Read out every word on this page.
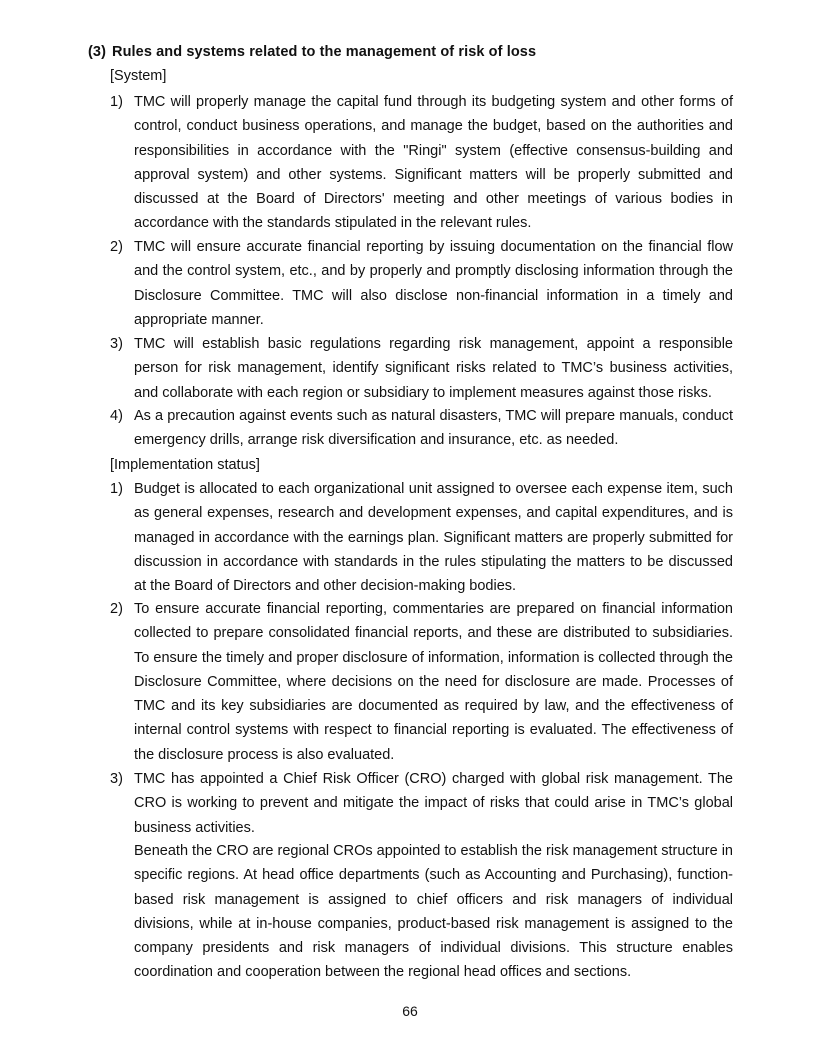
(3) Rules and systems related to the management of risk of loss
[System]
1) TMC will properly manage the capital fund through its budgeting system and other forms of control, conduct business operations, and manage the budget, based on the authorities and responsibilities in accordance with the "Ringi" system (effective consensus-building and approval system) and other systems. Significant matters will be properly submitted and discussed at the Board of Directors' meeting and other meetings of various bodies in accordance with the standards stipulated in the relevant rules.
2) TMC will ensure accurate financial reporting by issuing documentation on the financial flow and the control system, etc., and by properly and promptly disclosing information through the Disclosure Committee. TMC will also disclose non-financial information in a timely and appropriate manner.
3) TMC will establish basic regulations regarding risk management, appoint a responsible person for risk management, identify significant risks related to TMC’s business activities, and collaborate with each region or subsidiary to implement measures against those risks.
4) As a precaution against events such as natural disasters, TMC will prepare manuals, conduct emergency drills, arrange risk diversification and insurance, etc. as needed.
[Implementation status]
1) Budget is allocated to each organizational unit assigned to oversee each expense item, such as general expenses, research and development expenses, and capital expenditures, and is managed in accordance with the earnings plan. Significant matters are properly submitted for discussion in accordance with standards in the rules stipulating the matters to be discussed at the Board of Directors and other decision-making bodies.
2) To ensure accurate financial reporting, commentaries are prepared on financial information collected to prepare consolidated financial reports, and these are distributed to subsidiaries. To ensure the timely and proper disclosure of information, information is collected through the Disclosure Committee, where decisions on the need for disclosure are made. Processes of TMC and its key subsidiaries are documented as required by law, and the effectiveness of internal control systems with respect to financial reporting is evaluated. The effectiveness of the disclosure process is also evaluated.
3) TMC has appointed a Chief Risk Officer (CRO) charged with global risk management. The CRO is working to prevent and mitigate the impact of risks that could arise in TMC’s global business activities.
Beneath the CRO are regional CROs appointed to establish the risk management structure in specific regions. At head office departments (such as Accounting and Purchasing), function-based risk management is assigned to chief officers and risk managers of individual divisions, while at in-house companies, product-based risk management is assigned to the company presidents and risk managers of individual divisions. This structure enables coordination and cooperation between the regional head offices and sections.
66
